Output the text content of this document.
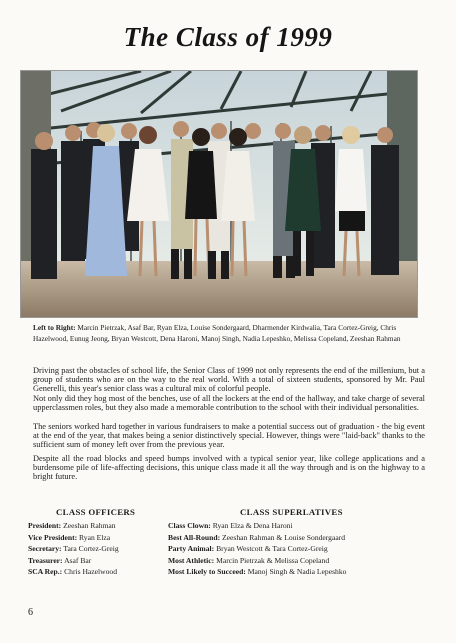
The Class of 1999
Left to Right: Marcin Pietrzak, Asaf Bar, Ryan Elza, Louise Sondergaard, Dharmender Kirdwalia, Tara Cortez-Greig, Chris Hazelwood, Eunug Jeong, Bryan Westcott, Dena Haroni, Manoj Singh, Nadia Lepeshko, Melissa Copeland, Zeeshan Rahman

Driving past the obstacles of school life, the Senior Class of 1999 not only represents the end of the millenium, but a group of students who are on the way to the real world. With a total of sixteen students, sponsored by Mr. Paul Generelli, this year's senior class was a cultural mix of colorful people.

Not only did they hog most of the benches, use of all the lockers at the end of the hallway, and take charge of several upperclassmen roles, but they also made a memorable contribution to the school with their individual personalities.

The seniors worked hard together in various fundraisers to make a potential success out of graduation - the big event at the end of the year, that makes being a senior distinctively special. However, things were "laid-back" thanks to the sufficient sum of money left over from the previous year.

Despite all the road blocks and speed bumps involved with a typical senior year, like college applications and a burdensome pile of life-affecting decisions, this unique class made it all the way through and is on the highway to a bright future.

CLASS OFFICERS
President: Zeeshan Rahman
Vice President: Ryan Elza
Secretary: Tara Cortez-Greig
Treasurer: Asaf Bar
SCA Rep.: Chris Hazelwood
CLASS SUPERLATIVES
Class Clown: Ryan Elza & Dena Haroni
Best All-Round: Zeeshan Rahman & Louise Sondergaard
Party Animal: Bryan Westcott & Tara Cortez-Greig
Most Athletic: Marcin Pietrzak & Melissa Copeland
Most Likely to Succeed: Manoj Singh & Nadia Lepeshko
6
